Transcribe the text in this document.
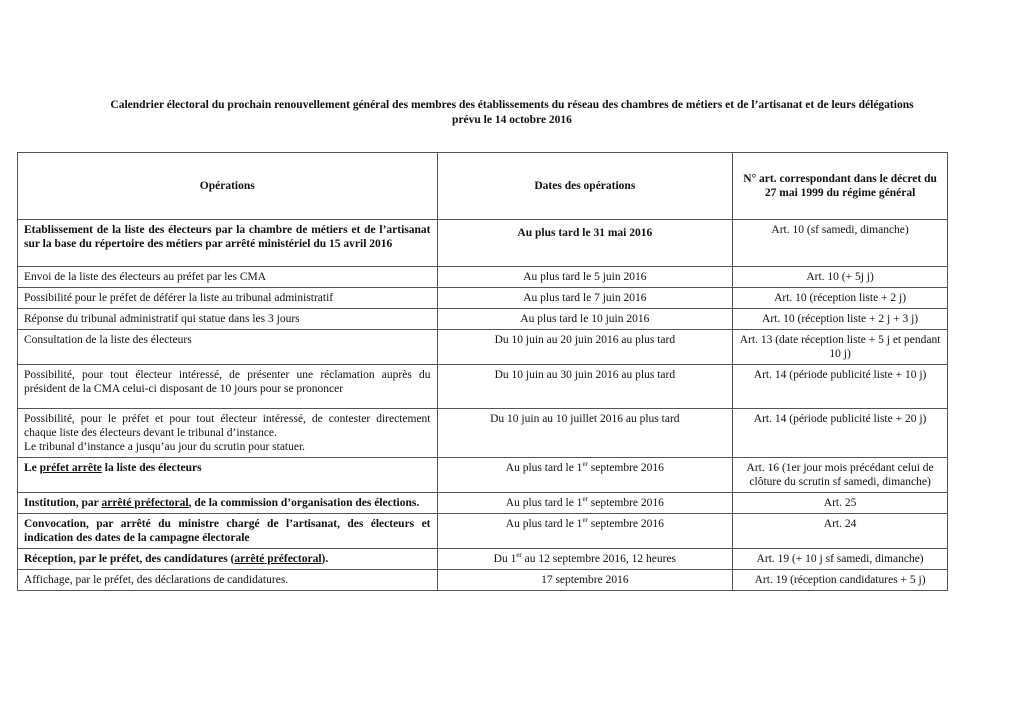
Calendrier électoral du prochain renouvellement général des membres des établissements du réseau des chambres de métiers et de l’artisanat et de leurs délégations
prévu le 14 octobre 2016
Opérations	Dates des opérations	N° art. correspondant dans le décret du 27 mai 1999 du régime général
Etablissement de la liste des électeurs par la chambre de métiers et de l’artisanat sur la base du répertoire des métiers par arrêté ministériel du 15 avril 2016	Au plus tard le 31 mai 2016	Art. 10 (sf samedi, dimanche)
Envoi de la liste des électeurs au préfet par les CMA	Au plus tard le 5 juin 2016	Art. 10 (+ 5j j)
Possibilité pour le préfet de déférer la liste au tribunal administratif	Au plus tard le 7 juin 2016	Art. 10 (réception liste + 2 j)
Réponse du tribunal administratif qui statue dans les 3 jours	Au plus tard le 10 juin 2016	Art. 10 (réception liste + 2 j + 3 j)
Consultation de la liste des électeurs	Du 10 juin au 20 juin 2016 au plus tard	Art. 13 (date réception liste + 5 j et pendant 10 j)
Possibilité, pour tout électeur intéressé, de présenter une réclamation auprès du président de la CMA celui-ci disposant de 10 jours pour se prononcer	Du 10 juin au 30 juin 2016 au plus tard	Art. 14 (période publicité liste + 10 j)

Possibilité, pour le préfet et pour tout électeur intéressé, de contester directement chaque liste des électeurs devant le tribunal d’instance.
Le tribunal d’instance a jusqu’au jour du scrutin pour statuer.	Du 10 juin au 10 juillet 2016 au plus tard	Art. 14 (période publicité liste + 20 j)
Le préfet arrête la liste des électeurs	Au plus tard le 1er septembre 2016	Art. 16 (1er jour mois précédant celui de clôture du scrutin sf samedi, dimanche)
Institution, par arrêté préfectoral, de la commission d’organisation des élections.	Au plus tard le 1er septembre 2016	Art. 25
Convocation, par arrêté du ministre chargé de l’artisanat, des électeurs et indication des dates de la campagne électorale	Au plus tard le 1er septembre 2016	Art. 24
Réception, par le préfet, des candidatures (arrêté préfectoral).	Du 1er au 12 septembre 2016, 12 heures	Art. 19 (+ 10 j sf samedi, dimanche)
Affichage, par le préfet, des déclarations de candidatures.	17 septembre 2016	Art. 19 (réception candidatures + 5 j)
